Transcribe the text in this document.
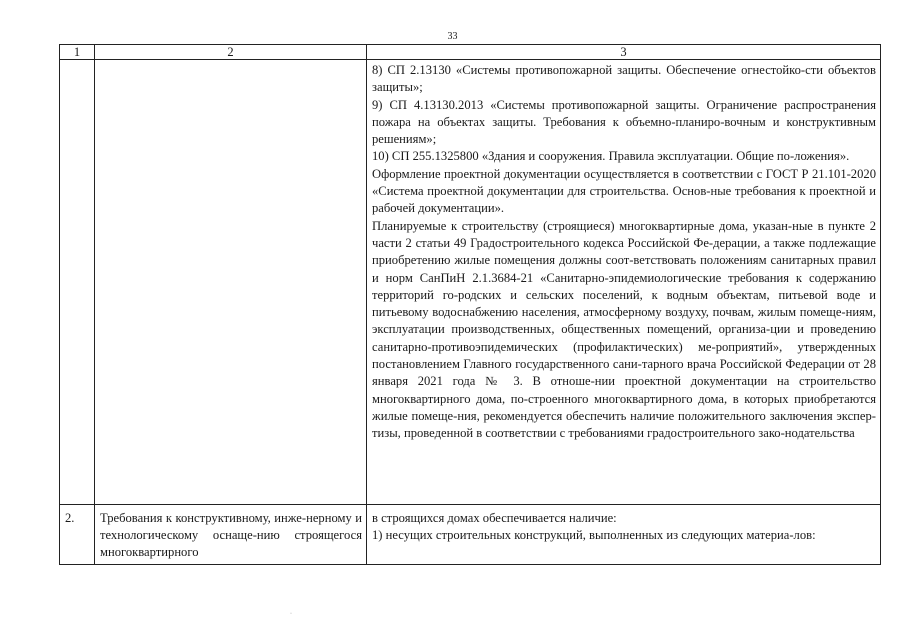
33
1	2	3

		8) СП 2.13130 «Системы противопожарной защиты. Обеспечение огнестойко-сти объектов защиты»;

9) СП 4.13130.2013 «Системы противопожарной защиты. Ограничение распространения пожара на объектах защиты. Требования к объемно-планиро-вочным и конструктивным решениям»;

10) СП 255.1325800 «Здания и сооружения. Правила эксплуатации. Общие по-ложения».

Оформление проектной документации осуществляется в соответствии с ГОСТ Р 21.101-2020 «Система проектной документации для строительства. Основ-ные требования к проектной и рабочей документации».

Планируемые к строительству (строящиеся) многоквартирные дома, указан-ные в пункте 2 части 2 статьи 49 Градостроительного кодекса Российской Фе-дерации, а также подлежащие приобретению жилые помещения должны соот-ветствовать положениям санитарных правил и норм СанПиН 2.1.3684-21 «Санитарно-эпидемиологические требования к содержанию территорий го-родских и сельских поселений, к водным объектам, питьевой воде и питьевому водоснабжению населения, атмосферному воздуху, почвам, жилым помеще-ниям, эксплуатации производственных, общественных помещений, организа-ции и проведению санитарно-противоэпидемических (профилактических) ме-роприятий», утвержденных постановлением Главного государственного сани-тарного врача Российской Федерации от 28 января 2021 года № 3. В отноше-нии проектной документации на строительство многоквартирного дома, по-строенного многоквартирного дома, в которых приобретаются жилые помеще-ния, рекомендуется обеспечить наличие положительного заключения экспер-тизы, проведенной в соответствии с требованиями градостроительного зако-нодательства

2.	Требования к конструктивному, инже-нерному и технологическому оснаще-нию строящегося многоквартирного	в строящихся домах обеспечивается наличие:

1) несущих строительных конструкций, выполненных из следующих материа-лов:

·
